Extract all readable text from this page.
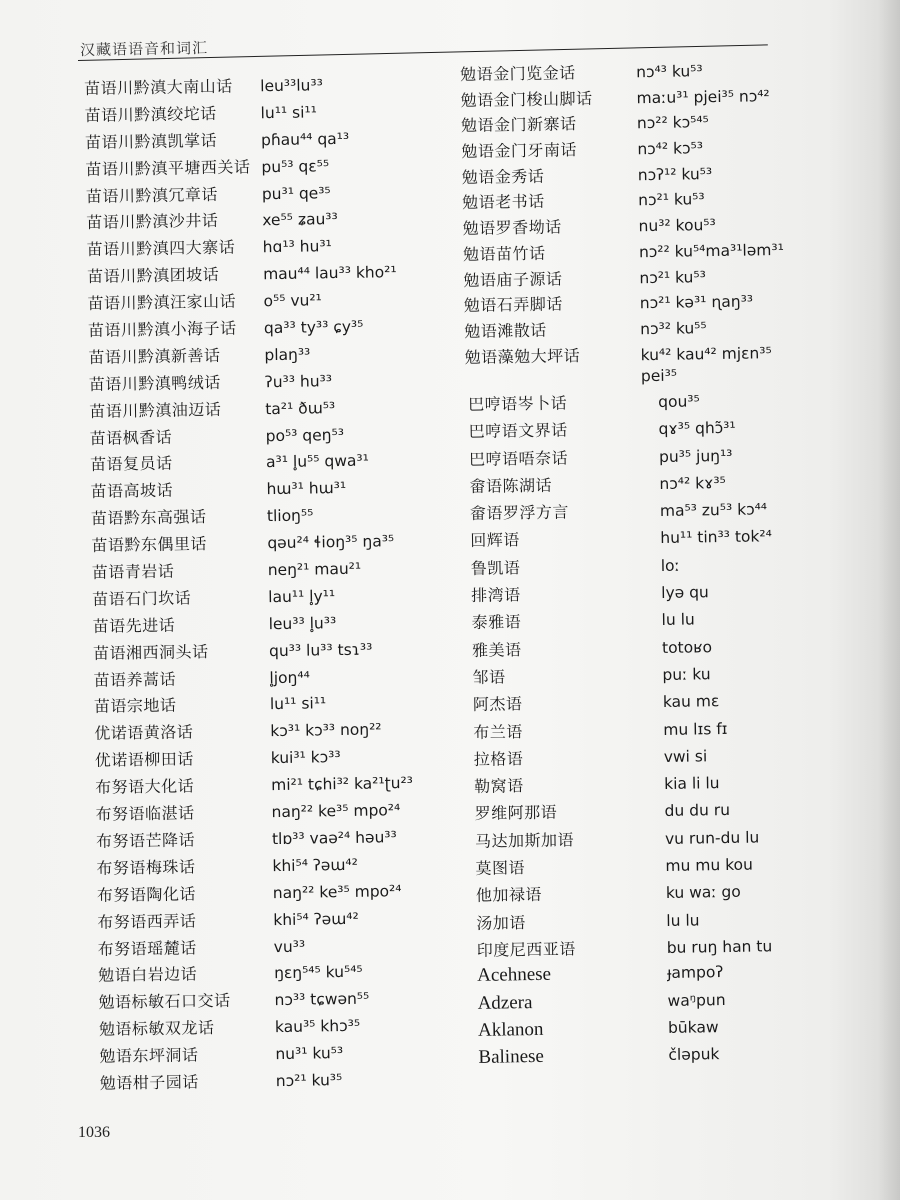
汉藏语语音和词汇
苗语川黔滇大南山话	leu³³lu³³
苗语川黔滇绞坨话	lu¹¹ si¹¹
苗语川黔滇凯掌话	pɦau⁴⁴ qa¹³
苗语川黔滇平塘西关话 pu⁵³ qɛ⁵⁵
苗语川黔滇冗章话	pu³¹ qe³⁵
苗语川黔滇沙井话	xe⁵⁵ ʑau³³
苗语川黔滇四大寨话	hɑ¹³ hu³¹
苗语川黔滇团坡话	mau⁴⁴ lau³³ kho²¹
苗语川黔滇汪家山话	o⁵⁵ vu²¹
苗语川黔滇小海子话	qa³³ ty³³ ɕy³⁵
苗语川黔滇新善话	plaŋ³³
苗语川黔滇鸭绒话	ʔu³³ hu³³
苗语川黔滇油迈话	ta²¹ ðɯ⁵³
苗语枫香话	po⁵³ qeŋ⁵³
苗语复员话	a³¹ l̥u⁵⁵ qwa³¹
苗语高坡话	hɯ³¹ hɯ³¹
苗语黔东高强话	tlioŋ⁵⁵
苗语黔东偶里话	qəu²⁴ ɬioŋ³⁵ ŋa³⁵
苗语青岩话	neŋ²¹ mau²¹
苗语石门坎话	lau¹¹ l̥y¹¹
苗语先进话	leu³³ l̥u³³
苗语湘西洞头话	qu³³ lu³³ tsɿ³³
苗语养蒿话	l̥joŋ⁴⁴
苗语宗地话	lu¹¹ si¹¹
优诺语黄洛话	kɔ³¹ kɔ³³ noŋ²²
优诺语柳田话	kui³¹ kɔ³³
布努语大化话	mi²¹ tɕhi³² ka²¹ʈu²³
布努语临湛话	naŋ²² ke³⁵ mpo²⁴
布努语芒降话	tlɒ³³ vaə²⁴ həu³³
布努语梅珠话	khi⁵⁴ ʔəɯ⁴²
布努语陶化话	naŋ²² ke³⁵ mpo²⁴
布努语西弄话	khi⁵⁴ ʔəɯ⁴²
布努语瑶麓话	vu³³
勉语白岩边话	ŋɛŋ⁵⁴⁵ ku⁵⁴⁵
勉语标敏石口交话	nɔ³³ tɕwən⁵⁵
勉语标敏双龙话	kau³⁵ khɔ³⁵
勉语东坪洞话	nu³¹ ku⁵³
勉语柑子园话	nɔ²¹ ku³⁵
勉语金门览金话	nɔ⁴³ ku⁵³
勉语金门梭山脚话	maːu³¹ pjei³⁵ nɔ⁴²
勉语金门新寨话	nɔ²² kɔ⁵⁴⁵
勉语金门牙南话	nɔ⁴² kɔ⁵³
勉语金秀话	nɔʔ¹² ku⁵³
勉语老书话	nɔ²¹ ku⁵³
勉语罗香坳话	nu³² kou⁵³
勉语苗竹话	nɔ²² ku⁵⁴ma³¹ləm³¹
勉语庙子源话	nɔ²¹ ku⁵³
勉语石弄脚话	nɔ²¹ kə³¹ ɳaŋ³³
勉语滩散话	nɔ³² ku⁵⁵
勉语藻勉大坪话	ku⁴² kau⁴² mjɛn³⁵
pei³⁵
巴哼语岑卜话	qou³⁵
巴哼语文界话	qɤ³⁵ qhɔ̃³¹
巴哼语唔奈话	pu³⁵ juŋ¹³
畲语陈湖话	nɔ⁴² kɤ³⁵
畲语罗浮方言	ma⁵³ zu⁵³ kɔ⁴⁴
回辉语	hu¹¹ tin³³ tok²⁴
鲁凯语	loː
排湾语	lyə qu
泰雅语	lu lu
雅美语	totoʁo
邹语	puː ku
阿杰语	kau mɛ
布兰语	mu lɪs fɪ
拉格语	vwi si
勒窝语	kia li lu
罗维阿那语	du du ru
马达加斯加语	vu run-du lu
莫图语	mu mu kou
他加禄语	ku waː go
汤加语	lu lu
印度尼西亚语	bu ruŋ han tu
Acehnese	ɟampoʔ
Adzera	waᵑpun
Aklanon	būkaw
Balinese	čləpuk
1036
